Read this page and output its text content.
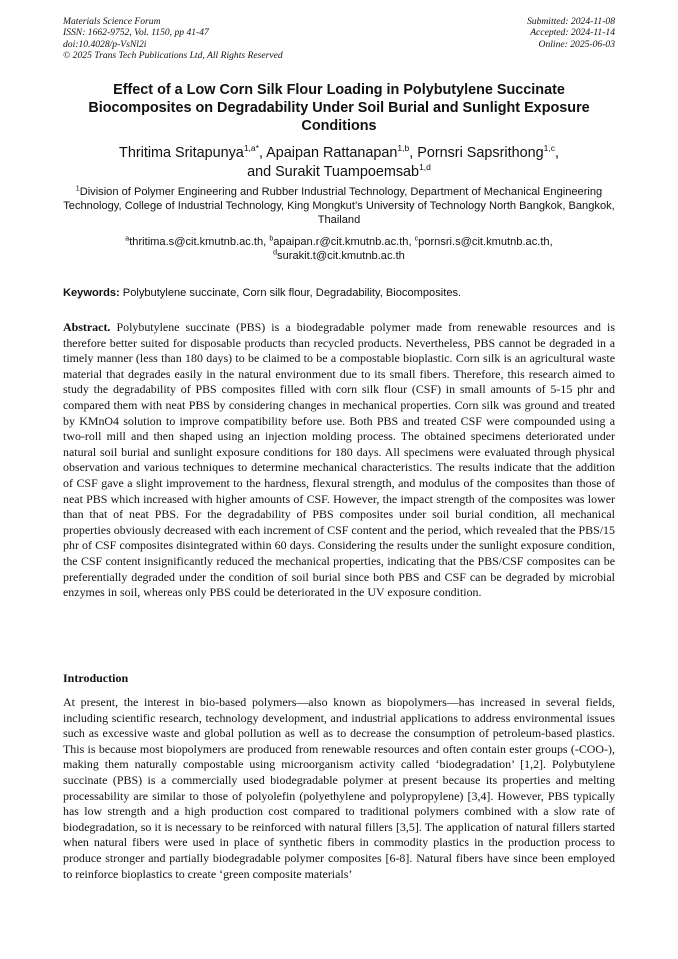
Materials Science Forum
ISSN: 1662-9752, Vol. 1150, pp 41-47
doi:10.4028/p-VsNl2i
© 2025 Trans Tech Publications Ltd, All Rights Reserved
Submitted: 2024-11-08
Accepted: 2024-11-14
Online: 2025-06-03
Effect of a Low Corn Silk Flour Loading in Polybutylene Succinate Biocomposites on Degradability Under Soil Burial and Sunlight Exposure Conditions
Thritima Sritapunya$^{1,a*}$, Apaipan Rattanapan$^{1,b}$, Pornsri Sapsrithong$^{1,c}$,
and Surakit Tuampoemsab$^{1,d}$
$^1$Division of Polymer Engineering and Rubber Industrial Technology, Department of Mechanical Engineering Technology, College of Industrial Technology, King Mongkut’s University of Technology North Bangkok, Bangkok, Thailand
$^a$thritima.s@cit.kmutnb.ac.th, $^b$apaipan.r@cit.kmutnb.ac.th, $^c$pornsri.s@cit.kmutnb.ac.th,
$^d$surakit.t@cit.kmutnb.ac.th
Keywords: Polybutylene succinate, Corn silk flour, Degradability, Biocomposites.
Abstract. Polybutylene succinate (PBS) is a biodegradable polymer made from renewable resources and is therefore better suited for disposable products than recycled products. Nevertheless, PBS cannot be degraded in a timely manner (less than 180 days) to be claimed to be a compostable bioplastic. Corn silk is an agricultural waste material that degrades easily in the natural environment due to its small fibers. Therefore, this research aimed to study the degradability of PBS composites filled with corn silk flour (CSF) in small amounts of 5-15 phr and compared them with neat PBS by considering changes in mechanical properties. Corn silk was ground and treated by KMnO4 solution to improve compatibility before use. Both PBS and treated CSF were compounded using a two-roll mill and then shaped using an injection molding process. The obtained specimens deteriorated under natural soil burial and sunlight exposure conditions for 180 days. All specimens were evaluated through physical observation and various techniques to determine mechanical characteristics. The results indicate that the addition of CSF gave a slight improvement to the hardness, flexural strength, and modulus of the composites than those of neat PBS which increased with higher amounts of CSF. However, the impact strength of the composites was lower than that of neat PBS. For the degradability of PBS composites under soil burial condition, all mechanical properties obviously decreased with each increment of CSF content and the period, which revealed that the PBS/15 phr of CSF composites disintegrated within 60 days. Considering the results under the sunlight exposure condition, the CSF content insignificantly reduced the mechanical properties, indicating that the PBS/CSF composites can be preferentially degraded under the condition of soil burial since both PBS and CSF can be degraded by microbial enzymes in soil, whereas only PBS could be deteriorated in the UV exposure condition.
Introduction
At present, the interest in bio-based polymers—also known as biopolymers—has increased in several fields, including scientific research, technology development, and industrial applications to address environmental issues such as excessive waste and global pollution as well as to decrease the consumption of petroleum-based plastics. This is because most biopolymers are produced from renewable resources and often contain ester groups (-COO-), making them naturally compostable using microorganism activity called ‘biodegradation’ [1,2]. Polybutylene succinate (PBS) is a commercially used biodegradable polymer at present because its properties and melting processability are similar to those of polyolefin (polyethylene and polypropylene) [3,4]. However, PBS typically has low strength and a high production cost compared to traditional polymers combined with a slow rate of biodegradation, so it is necessary to be reinforced with natural fillers [3,5]. The application of natural fillers started when natural fibers were used in place of synthetic fibers in commodity plastics in the production process to produce stronger and partially biodegradable polymer composites [6-8]. Natural fibers have since been employed to reinforce bioplastics to create ‘green composite materials’
